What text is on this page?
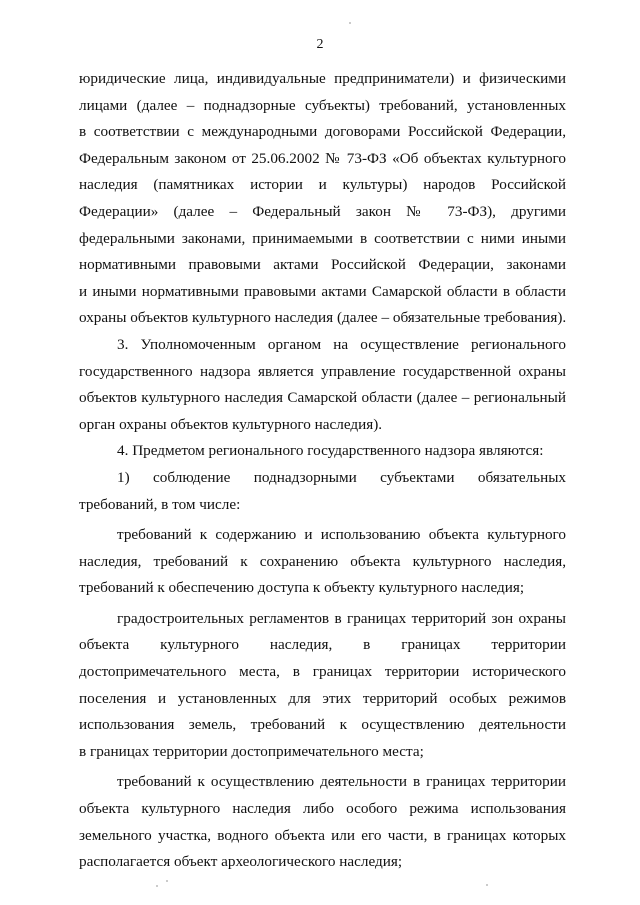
2
юридические лица, индивидуальные предприниматели) и физическими
лицами (далее – поднадзорные субъекты) требований, установленных
в соответствии с международными договорами Российской Федерации,
Федеральным законом от 25.06.2002 № 73-ФЗ «Об объектах культурного
наследия (памятниках истории и культуры) народов Российской
Федерации» (далее – Федеральный закон № 73-ФЗ), другими
федеральными законами, принимаемыми в соответствии с ними иными
нормативными правовыми актами Российской Федерации, законами
и иными нормативными правовыми актами Самарской области в области
охраны объектов культурного наследия (далее – обязательные требования).
3. Уполномоченным органом на осуществление регионального
государственного надзора является управление государственной охраны
объектов культурного наследия Самарской области (далее – региональный
орган охраны объектов культурного наследия).
4. Предметом регионального государственного надзора являются:
1) соблюдение поднадзорными субъектами обязательных
требований, в том числе:
требований к содержанию и использованию объекта культурного
наследия, требований к сохранению объекта культурного наследия,
требований к обеспечению доступа к объекту культурного наследия;
градостроительных регламентов в границах территорий зон охраны
объекта культурного наследия, в границах территории
достопримечательного места, в границах территории исторического
поселения и установленных для этих территорий особых режимов
использования земель, требований к осуществлению деятельности
в границах территории достопримечательного места;
требований к осуществлению деятельности в границах территории
объекта культурного наследия либо особого режима использования
земельного участка, водного объекта или его части, в границах которых
располагается объект археологического наследия;
